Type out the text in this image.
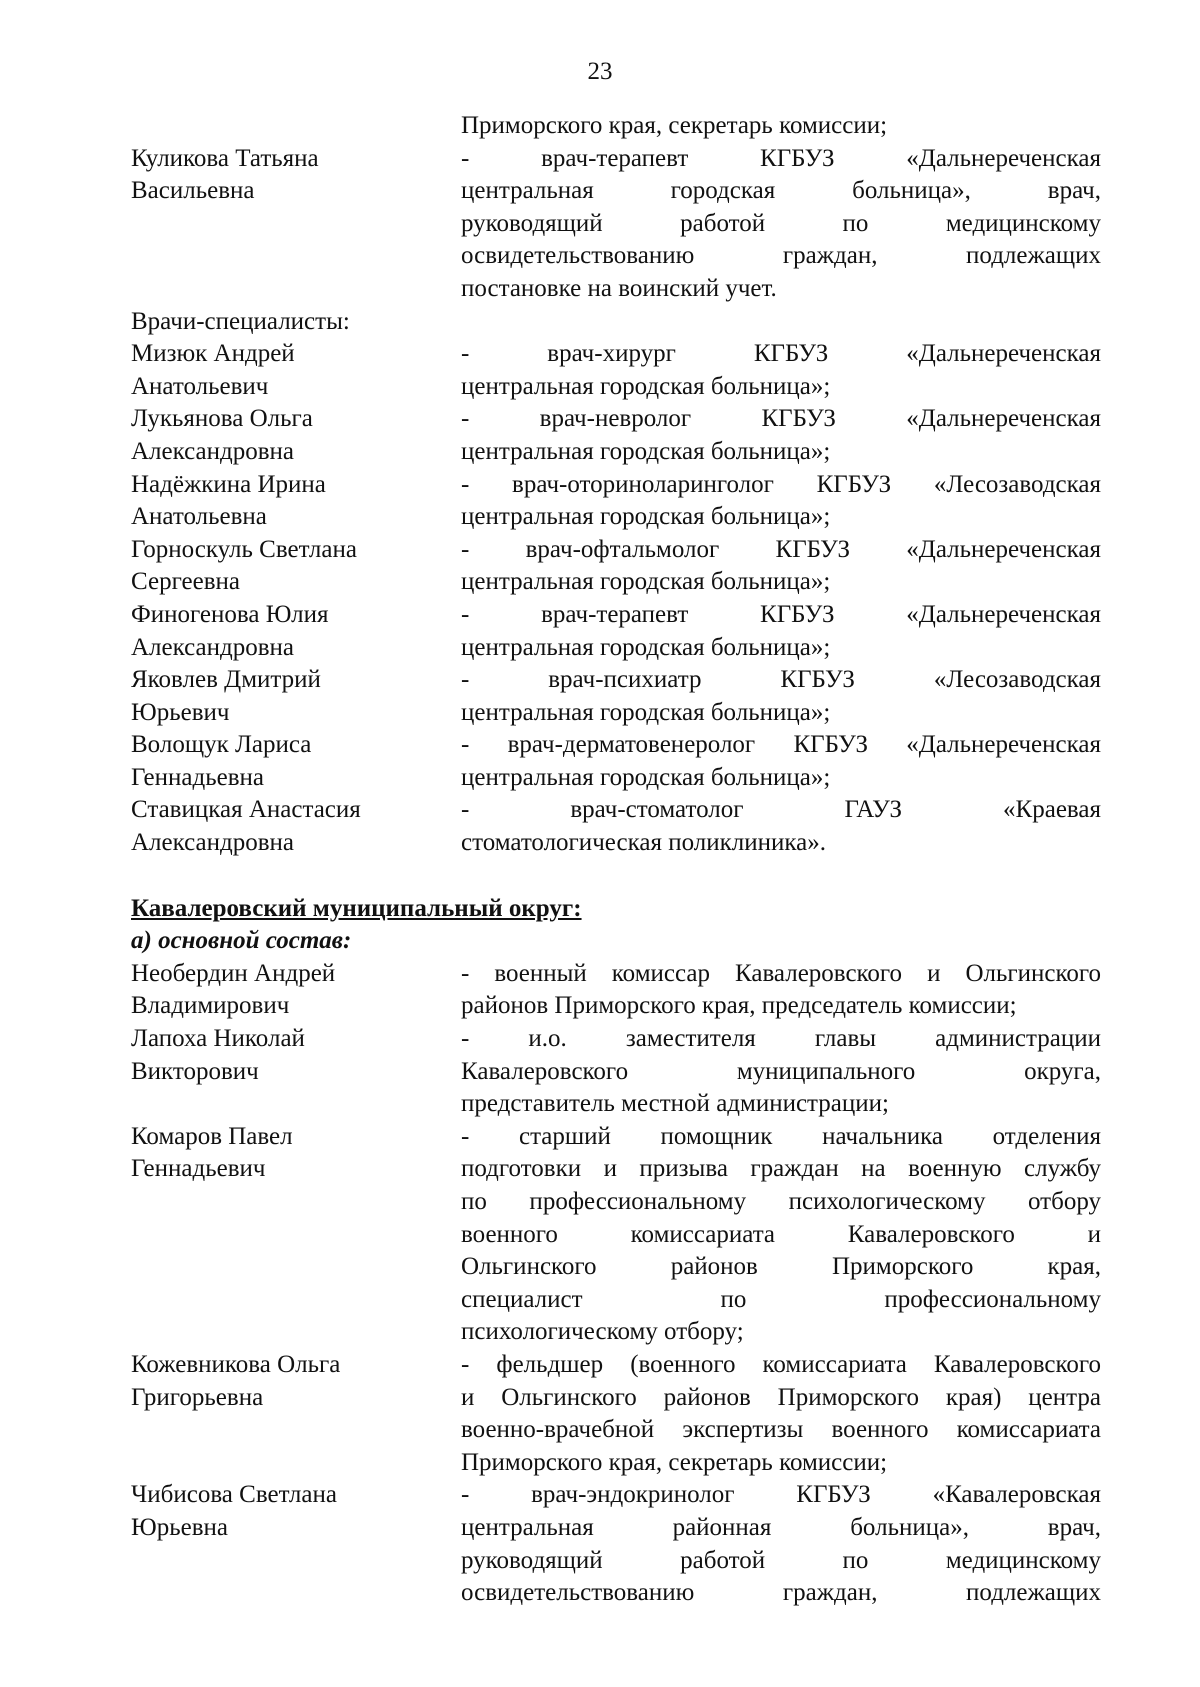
23
Приморского края, секретарь комиссии;
Куликова Татьяна
Васильевна
- врач-терапевт КГБУЗ «Дальнереченская
центральная городская больница», врач,
руководящий работой по медицинскому
освидетельствованию граждан, подлежащих
постановке на воинский учет.
Врачи-специалисты:
Мизюк Андрей
Анатольевич
- врач-хирург КГБУЗ «Дальнереченская
центральная городская больница»;
Лукьянова Ольга
Александровна
- врач-невролог КГБУЗ «Дальнереченская
центральная городская больница»;
Надёжкина Ирина
Анатольевна
- врач-оториноларинголог КГБУЗ «Лесозаводская
центральная городская больница»;
Горноскуль Светлана
Сергеевна
- врач-офтальмолог КГБУЗ «Дальнереченская
центральная городская больница»;
Финогенова Юлия
Александровна
- врач-терапевт КГБУЗ «Дальнереченская
центральная городская больница»;
Яковлев Дмитрий
Юрьевич
- врач-психиатр КГБУЗ «Лесозаводская
центральная городская больница»;
Волощук Лариса
Геннадьевна
- врач-дерматовенеролог КГБУЗ «Дальнереченская
центральная городская больница»;
Ставицкая Анастасия
Александровна
- врач-стоматолог ГАУЗ «Краевая
стоматологическая поликлиника».
Кавалеровский муниципальный округ:
а) основной состав:
Необердин Андрей
Владимирович
- военный комиссар Кавалеровского и Ольгинского
районов Приморского края, председатель комиссии;
Лапоха Николай
Викторович
- и.о. заместителя главы администрации
Кавалеровского муниципального округа,
представитель местной администрации;
Комаров Павел
Геннадьевич
- старший помощник начальника отделения
подготовки и призыва граждан на военную службу
по профессиональному психологическому отбору
военного комиссариата Кавалеровского и
Ольгинского районов Приморского края,
специалист по профессиональному
психологическому отбору;
Кожевникова Ольга
Григорьевна
- фельдшер (военного комиссариата Кавалеровского
и Ольгинского районов Приморского края) центра
военно-врачебной экспертизы военного комиссариата
Приморского края, секретарь комиссии;
Чибисова Светлана
Юрьевна
- врач-эндокринолог КГБУЗ «Кавалеровская
центральная районная больница», врач,
руководящий работой по медицинскому
освидетельствованию граждан, подлежащих
